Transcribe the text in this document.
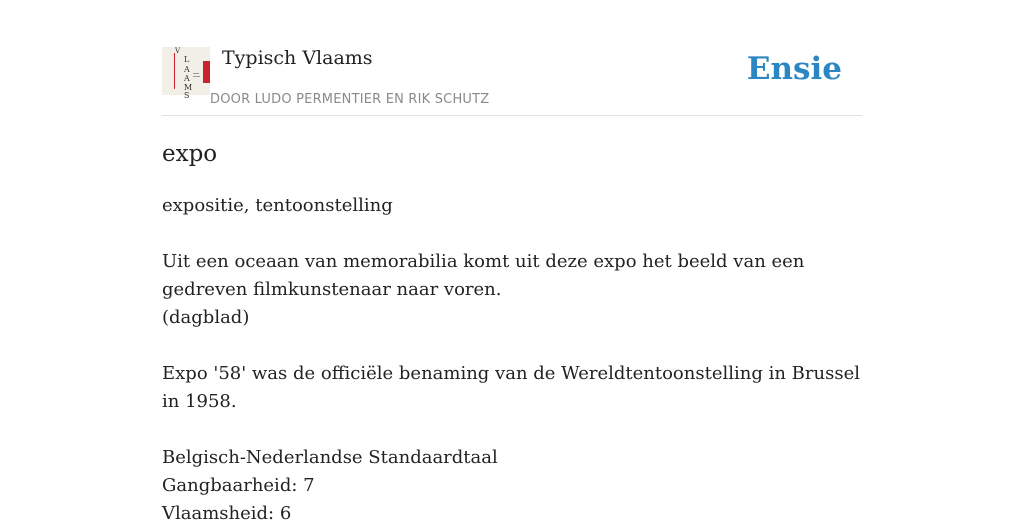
V
L
A
A
M
S
Typisch Vlaams
DOOR LUDO PERMENTIER EN RIK SCHUTZ
Ensie
expo

expositie, tentoonstelling

Uit een oceaan van memorabilia komt uit deze expo het beeld van een gedreven filmkunstenaar naar voren.

(dagblad)

Expo '58' was de officiële benaming van de Wereldtentoonstelling in Brussel in 1958.

Belgisch-Nederlandse Standaardtaal

Gangbaarheid: 7

Vlaamsheid: 6
